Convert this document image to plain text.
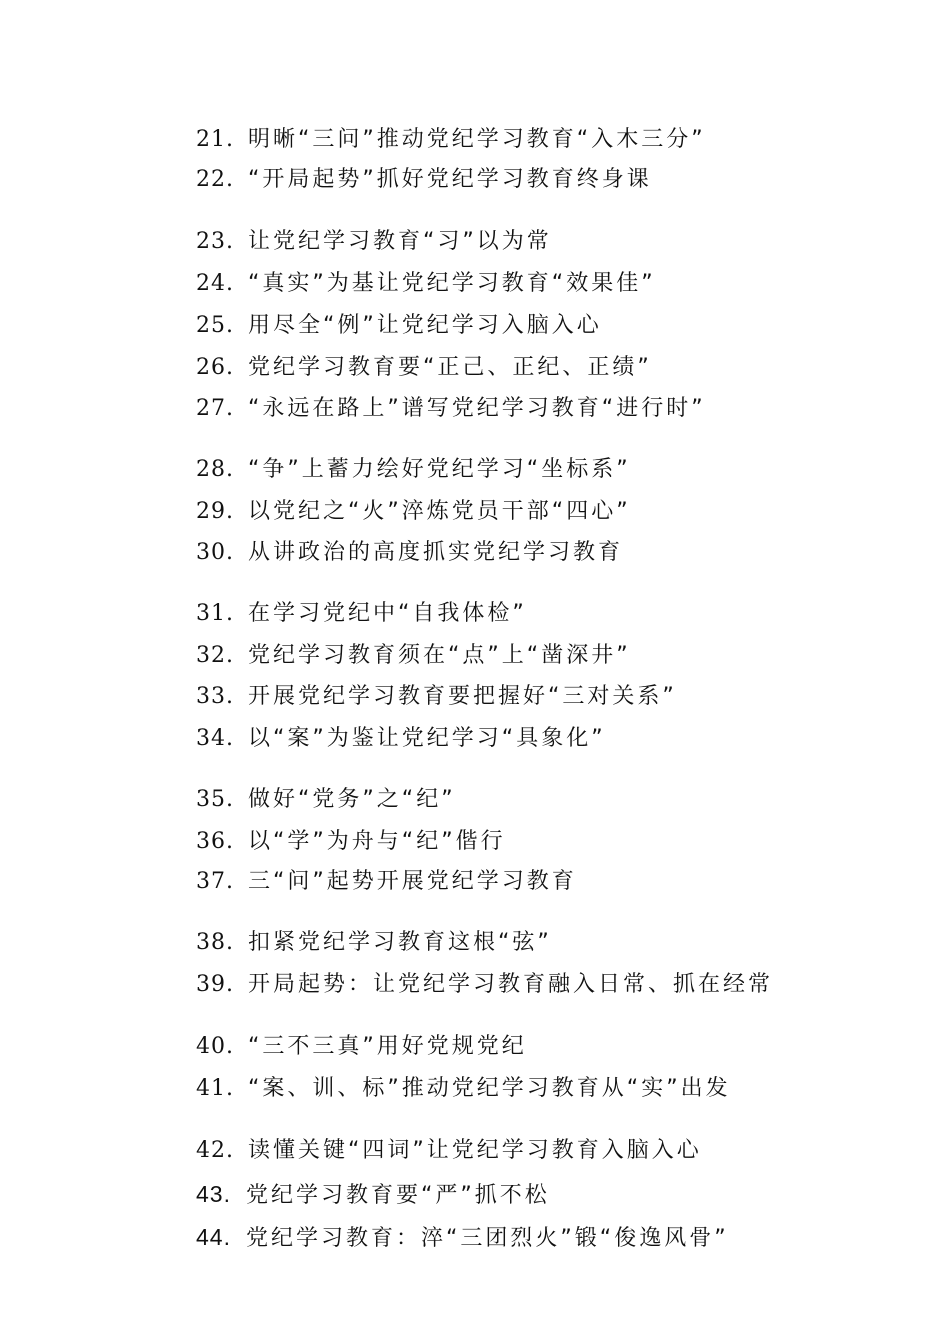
21. 明晰“三问”推动党纪学习教育“入木三分”
22. “开局起势”抓好党纪学习教育终身课
23. 让党纪学习教育“习”以为常
24. “真实”为基让党纪学习教育“效果佳”
25. 用尽全“例”让党纪学习入脑入心
26. 党纪学习教育要“正己、正纪、正绩”
27. “永远在路上”谱写党纪学习教育“进行时”
28. “争”上蓄力绘好党纪学习“坐标系”
29. 以党纪之“火”淬炼党员干部“四心”
30. 从讲政治的高度抓实党纪学习教育
31. 在学习党纪中“自我体检”
32. 党纪学习教育须在“点”上“凿深井”
33. 开展党纪学习教育要把握好“三对关系”
34. 以“案”为鉴让党纪学习“具象化”
35. 做好“党务”之“纪”
36. 以“学”为舟与“纪”偕行
37. 三“问”起势开展党纪学习教育
38. 扣紧党纪学习教育这根“弦”
39. 开局起势：让党纪学习教育融入日常、抓在经常
40. “三不三真”用好党规党纪
41. “案、训、标”推动党纪学习教育从“实”出发
42. 读懂关键“四词”让党纪学习教育入脑入心
43. 党纪学习教育要“严”抓不松
44. 党纪学习教育：淬“三团烈火”锻“俊逸风骨”
